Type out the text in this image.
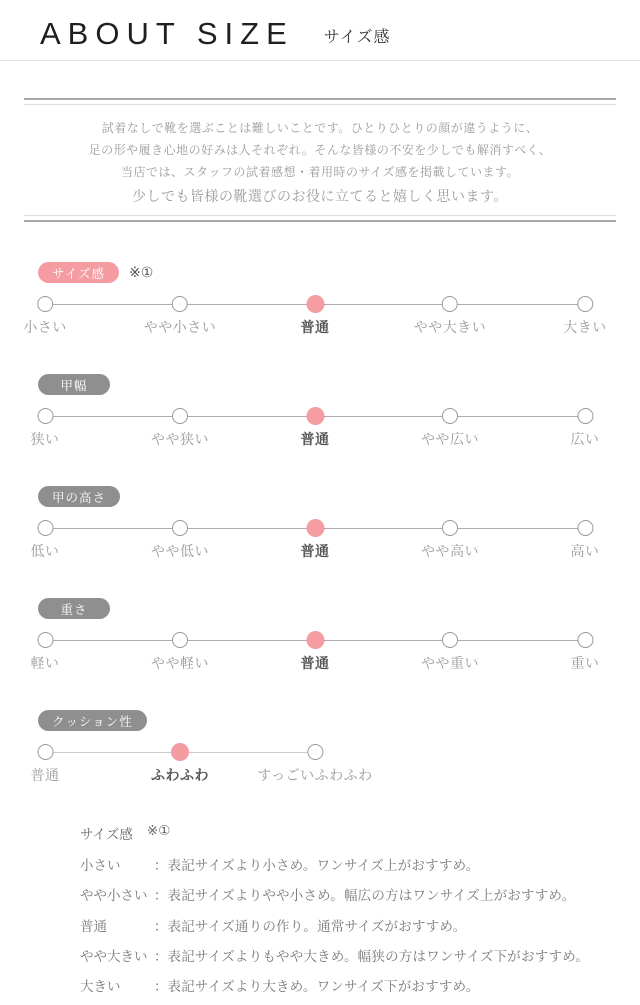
ABOUT SIZE サイズ感
試着なしで靴を選ぶことは難しいことです。ひとりひとりの顔が違うように、
足の形や履き心地の好みは人それぞれ。そんな皆様の不安を少しでも解消すべく、
当店では、スタッフの試着感想・着用時のサイズ感を掲載しています。
少しでも皆様の靴選びのお役に立てると嬉しく思います。
サイズ感	※①
小さい	やや小さい	普通	やや大きい	大きい
甲幅
狭い	やや狭い	普通	やや広い	広い
甲の高さ
低い	やや低い	普通	やや高い	高い
重さ
軽い	やや軽い	普通	やや重い	重い
クッション性
普通	ふわふわ	すっごいふわふわ
サイズ感 ※①
小さい	： 表記サイズより小さめ。ワンサイズ上がおすすめ。
やや小さい ： 表記サイズよりやや小さめ。幅広の方はワンサイズ上がおすすめ。
普通	： 表記サイズ通りの作り。通常サイズがおすすめ。
やや大きい ： 表記サイズよりもやや大きめ。幅狭の方はワンサイズ下がおすすめ。
大きい	： 表記サイズより大きめ。ワンサイズ下がおすすめ。
